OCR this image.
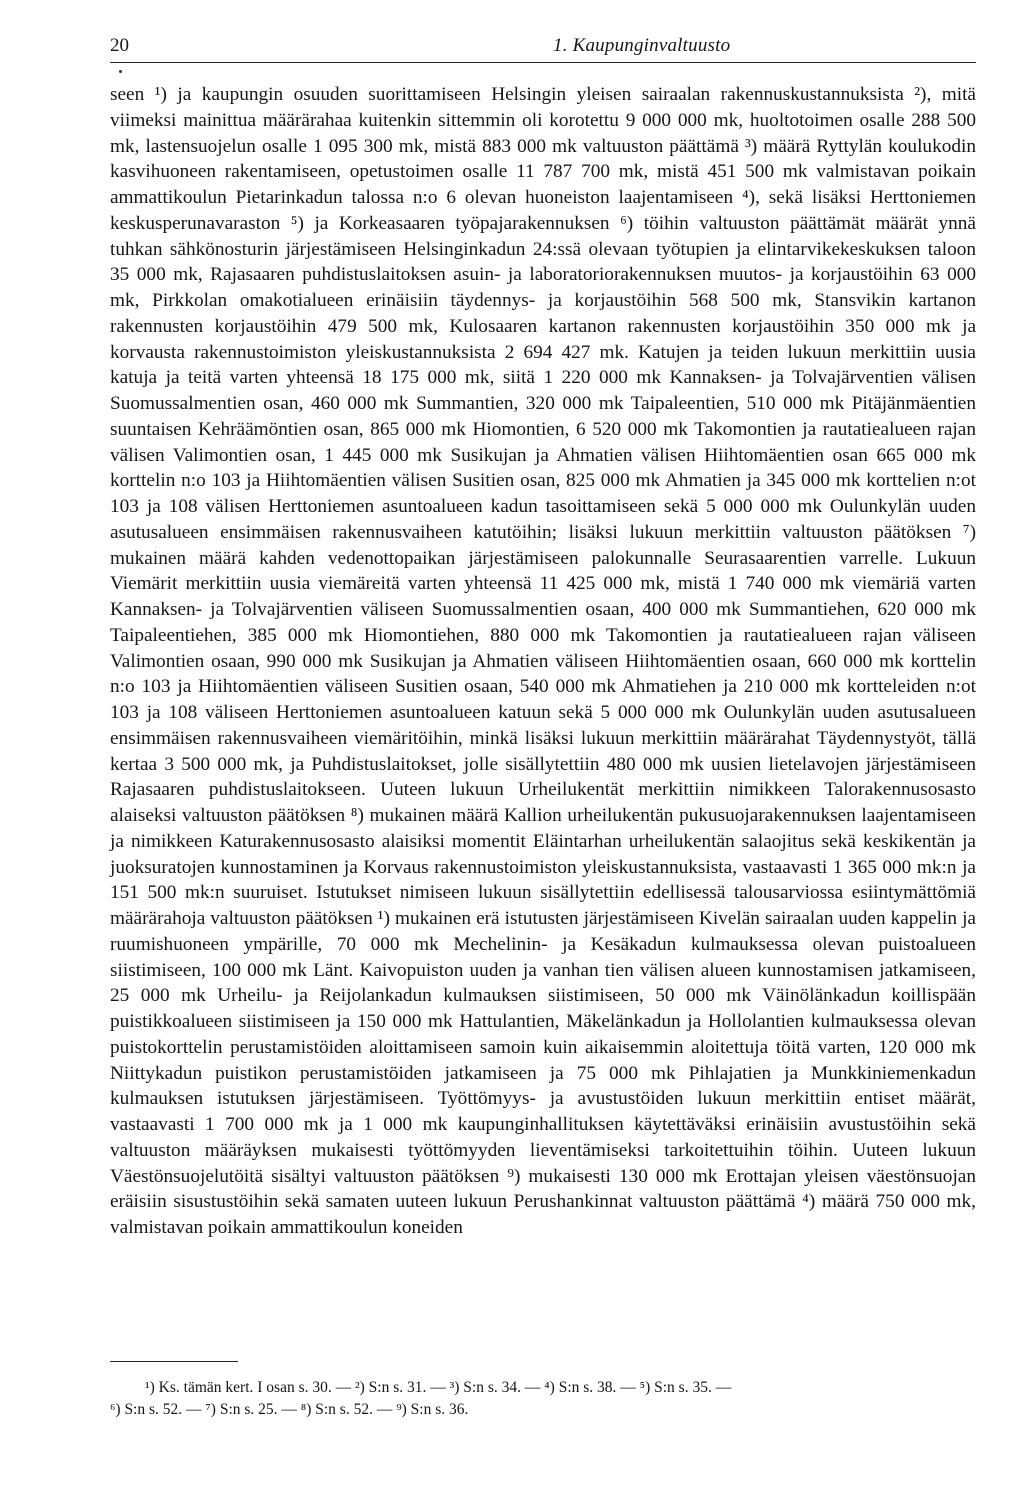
20	1. Kaupunginvaltuusto

seen ¹) ja kaupungin osuuden suorittamiseen Helsingin yleisen sairaalan rakennuskustannuksista ²), mitä viimeksi mainittua määrärahaa kuitenkin sittemmin oli korotettu 9 000 000 mk, huoltotoimen osalle 288 500 mk, lastensuojelun osalle 1 095 300 mk, mistä 883 000 mk valtuuston päättämä ³) määrä Ryttylän koulukodin kasvihuoneen rakentamiseen, opetustoimen osalle 11 787 700 mk, mistä 451 500 mk valmistavan poikain ammattikoulun Pietarinkadun talossa n:o 6 olevan huoneiston laajentamiseen ⁴), sekä lisäksi Herttoniemen keskusperunavaraston ⁵) ja Korkeasaaren työpajarakennuksen ⁶) töihin valtuuston päättämät määrät ynnä tuhkan sähkönosturin järjestämiseen Helsinginkadun 24:ssä olevaan työtupien ja elintarvikekeskuksen taloon 35 000 mk, Rajasaaren puhdistuslaitoksen asuin- ja laboratoriorakennuksen muutos- ja korjaustöihin 63 000 mk, Pirkkolan omakotialueen erinäisiin täydennys- ja korjaustöihin 568 500 mk, Stansvikin kartanon rakennusten korjaustöihin 479 500 mk, Kulosaaren kartanon rakennusten korjaustöihin 350 000 mk ja korvausta rakennustoimiston yleiskustannuksista 2 694 427 mk. Katujen ja teiden lukuun merkittiin uusia katuja ja teitä varten yhteensä 18 175 000 mk, siitä 1 220 000 mk Kannaksen- ja Tolvajärventien välisen Suomussalmentien osan, 460 000 mk Summantien, 320 000 mk Taipaleentien, 510 000 mk Pitäjänmäentien suuntaisen Kehräämöntien osan, 865 000 mk Hiomontien, 6 520 000 mk Takomontien ja rautatiealueen rajan välisen Valimontien osan, 1 445 000 mk Susikujan ja Ahmatien välisen Hiihtomäentien osan 665 000 mk korttelin n:o 103 ja Hiihtomäentien välisen Susitien osan, 825 000 mk Ahmatien ja 345 000 mk korttelien n:ot 103 ja 108 välisen Herttoniemen asuntoalueen kadun tasoittamiseen sekä 5 000 000 mk Oulunkylän uuden asutusalueen ensimmäisen rakennusvaiheen katutöihin; lisäksi lukuun merkittiin valtuuston päätöksen ⁷) mukainen määrä kahden vedenottopaikan järjestämiseen palokunnalle Seurasaarentien varrelle. Lukuun Viemärit merkittiin uusia viemäreitä varten yhteensä 11 425 000 mk, mistä 1 740 000 mk viemäriä varten Kannaksen- ja Tolvajärventien väliseen Suomussalmentien osaan, 400 000 mk Summantiehen, 620 000 mk Taipaleentiehen, 385 000 mk Hiomontiehen, 880 000 mk Takomontien ja rautatiealueen rajan väliseen Valimontien osaan, 990 000 mk Susikujan ja Ahmatien väliseen Hiihtomäentien osaan, 660 000 mk korttelin n:o 103 ja Hiihtomäentien väliseen Susitien osaan, 540 000 mk Ahmatiehen ja 210 000 mk kortteleiden n:ot 103 ja 108 väliseen Herttoniemen asuntoalueen katuun sekä 5 000 000 mk Oulunkylän uuden asutusalueen ensimmäisen rakennusvaiheen viemäritöihin, minkä lisäksi lukuun merkittiin määrärahat Täydennystyöt, tällä kertaa 3 500 000 mk, ja Puhdistuslaitokset, jolle sisällytettiin 480 000 mk uusien lietelavojen järjestämiseen Rajasaaren puhdistuslaitokseen. Uuteen lukuun Urheilukentät merkittiin nimikkeen Talorakennusosasto alaiseksi valtuuston päätöksen ⁸) mukainen määrä Kallion urheilukentän pukusuojarakennuksen laajentamiseen ja nimikkeen Katurakennusosasto alaisiksi momentit Eläintarhan urheilukentän salaojitus sekä keskikentän ja juoksuratojen kunnostaminen ja Korvaus rakennustoimiston yleiskustannuksista, vastaavasti 1 365 000 mk:n ja 151 500 mk:n suuruiset. Istutukset nimiseen lukuun sisällytettiin edellisessä talousarviossa esiintymättömiä määrärahoja valtuuston päätöksen ¹) mukainen erä istutusten järjestämiseen Kivelän sairaalan uuden kappelin ja ruumishuoneen ympärille, 70 000 mk Mechelinin- ja Kesäkadun kulmauksessa olevan puistoalueen siistimiseen, 100 000 mk Länt. Kaivopuiston uuden ja vanhan tien välisen alueen kunnostamisen jatkamiseen, 25 000 mk Urheilu- ja Reijolankadun kulmauksen siistimiseen, 50 000 mk Väinölänkadun koillispään puistikkoalueen siistimiseen ja 150 000 mk Hattulantien, Mäkelänkadun ja Hollolantien kulmauksessa olevan puistokorttelin perustamistöiden aloittamiseen samoin kuin aikaisemmin aloitettuja töitä varten, 120 000 mk Niittykadun puistikon perustamistöiden jatkamiseen ja 75 000 mk Pihlajatien ja Munkkiniemenkadun kulmauksen istutuksen järjestämiseen. Työttömyys- ja avustustöiden lukuun merkittiin entiset määrät, vastaavasti 1 700 000 mk ja 1 000 mk kaupunginhallituksen käytettäväksi erinäisiin avustustöihin sekä valtuuston määräyksen mukaisesti työttömyyden lieventämiseksi tarkoitettuihin töihin. Uuteen lukuun Väestönsuojelutöitä sisältyi valtuuston päätöksen ⁹) mukaisesti 130 000 mk Erottajan yleisen väestönsuojan eräisiin sisustustöihin sekä samaten uuteen lukuun Perushankinnat valtuuston päättämä ⁴) määrä 750 000 mk, valmistavan poikain ammattikoulun koneiden

¹) Ks. tämän kert. I osan s. 30. — ²) S:n s. 31. — ³) S:n s. 34. — ⁴) S:n s. 38. — ⁵) S:n s. 35. —
⁶) S:n s. 52. — ⁷) S:n s. 25. — ⁸) S:n s. 52. — ⁹) S:n s. 36.
